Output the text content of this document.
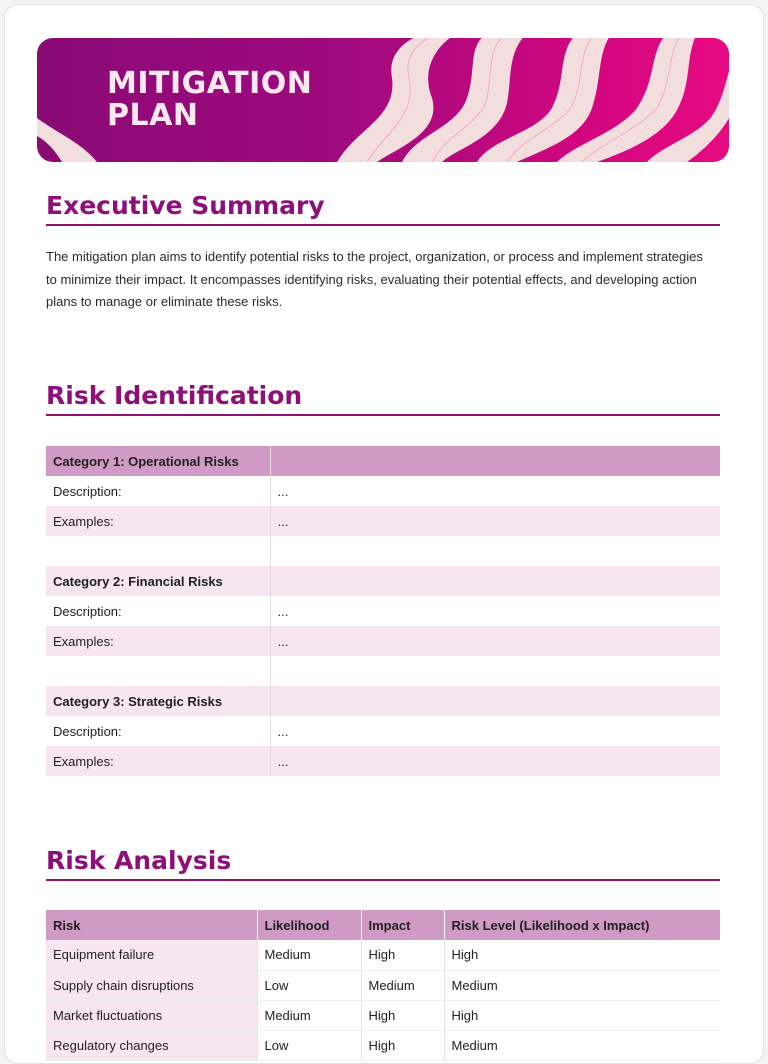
MITIGATION
PLAN
Executive Summary

The mitigation plan aims to identify potential risks to the project, organization, or process and implement strategies to minimize their impact. It encompasses identifying risks, evaluating their potential effects, and developing action plans to manage or eliminate these risks.

Risk Identification
Category 1: Operational Risks	
Description:	...
Examples:	...

Category 2: Financial Risks	
Description:	...
Examples:	...

Category 3: Strategic Risks	
Description:	...
Examples:	...
Risk Analysis
Risk	Likelihood	Impact	Risk Level (Likelihood x Impact)
Equipment failure	Medium	High	High
Supply chain disruptions	Low	Medium	Medium
Market fluctuations	Medium	High	High
Regulatory changes	Low	High	Medium
